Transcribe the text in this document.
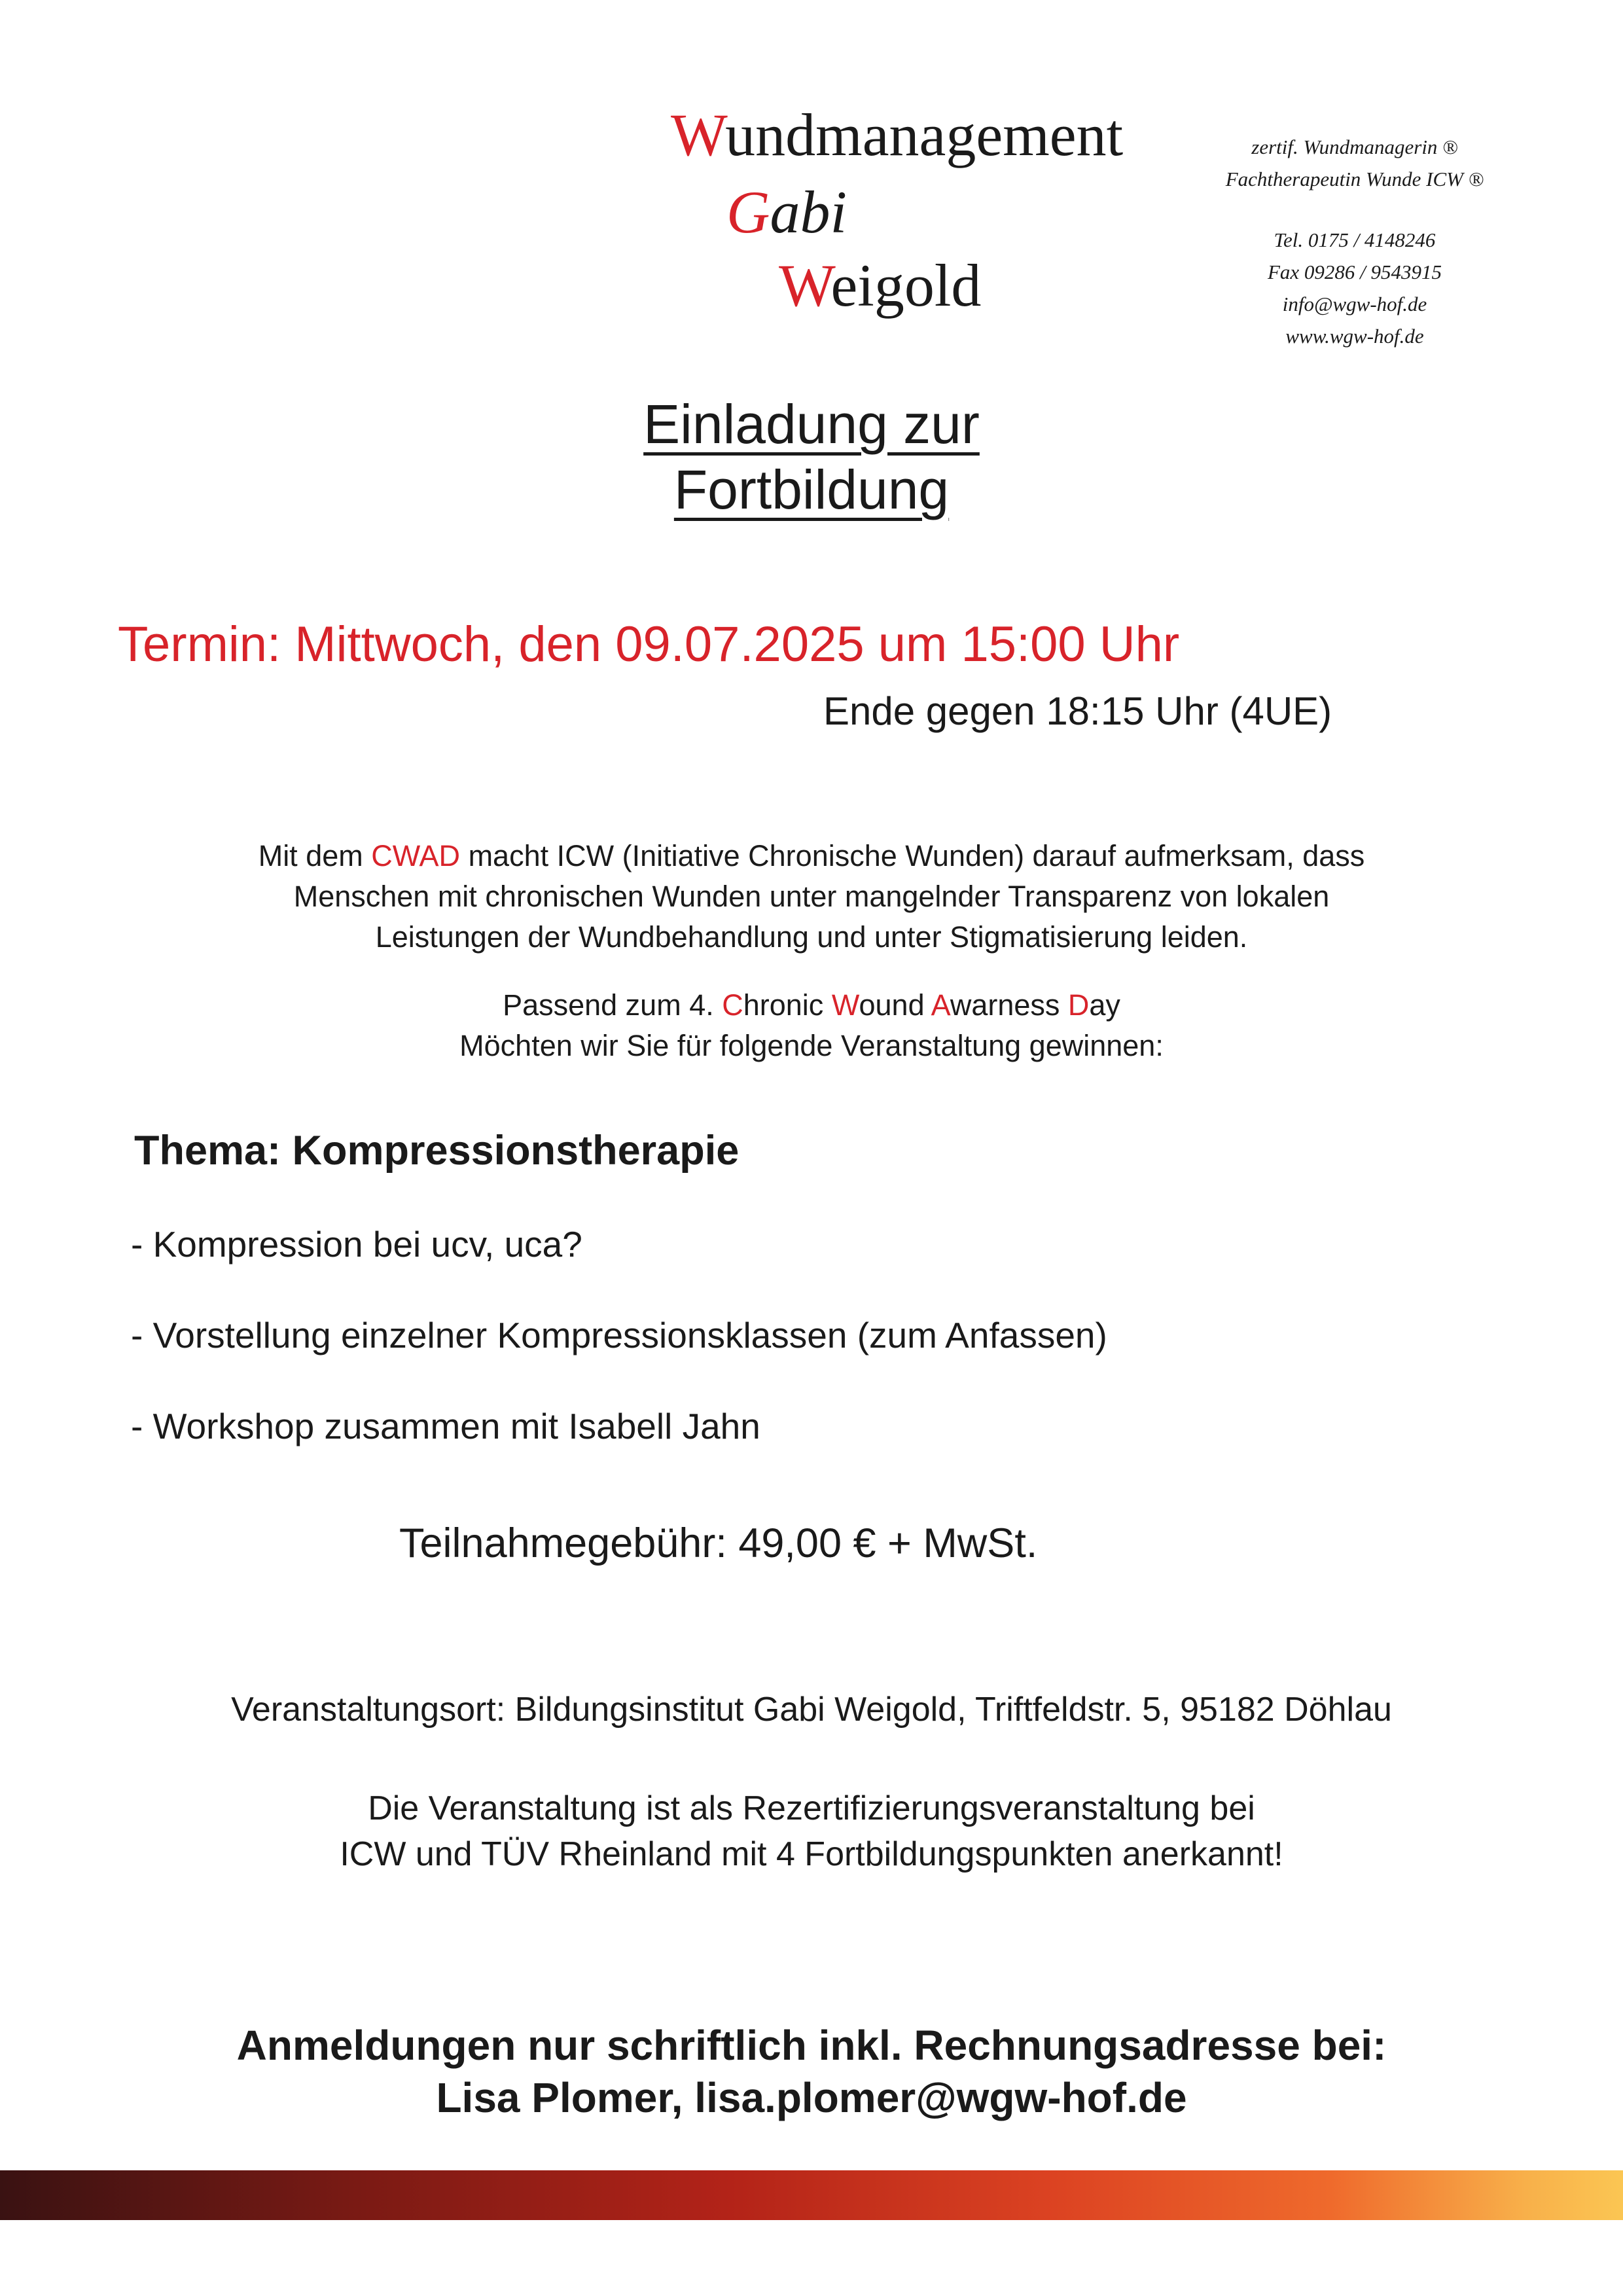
Wundmanagement
Gabi
Weigold
zertif. Wundmanagerin ®
Fachtherapeutin Wunde ICW ®
Tel. 0175 / 4148246
Fax 09286 / 9543915
info@wgw-hof.de
www.wgw-hof.de
Einladung zur
Fortbildung
Termin: Mittwoch, den 09.07.2025 um 15:00 Uhr
Ende gegen 18:15 Uhr (4UE)
Mit dem CWAD macht ICW (Initiative Chronische Wunden) darauf aufmerksam, dass
Menschen mit chronischen Wunden unter mangelnder Transparenz von lokalen
Leistungen der Wundbehandlung und unter Stigmatisierung leiden.
Passend zum 4. Chronic Wound Awarness Day
Möchten wir Sie für folgende Veranstaltung gewinnen:
Thema: Kompressionstherapie
- Kompression bei ucv, uca?
- Vorstellung einzelner Kompressionsklassen (zum Anfassen)
- Workshop zusammen mit Isabell Jahn
Teilnahmegebühr: 49,00 € + MwSt.
Veranstaltungsort: Bildungsinstitut Gabi Weigold, Triftfeldstr. 5, 95182 Döhlau
Die Veranstaltung ist als Rezertifizierungsveranstaltung bei
ICW und TÜV Rheinland mit 4 Fortbildungspunkten anerkannt!
Anmeldungen nur schriftlich inkl. Rechnungsadresse bei:
Lisa Plomer, lisa.plomer@wgw-hof.de
